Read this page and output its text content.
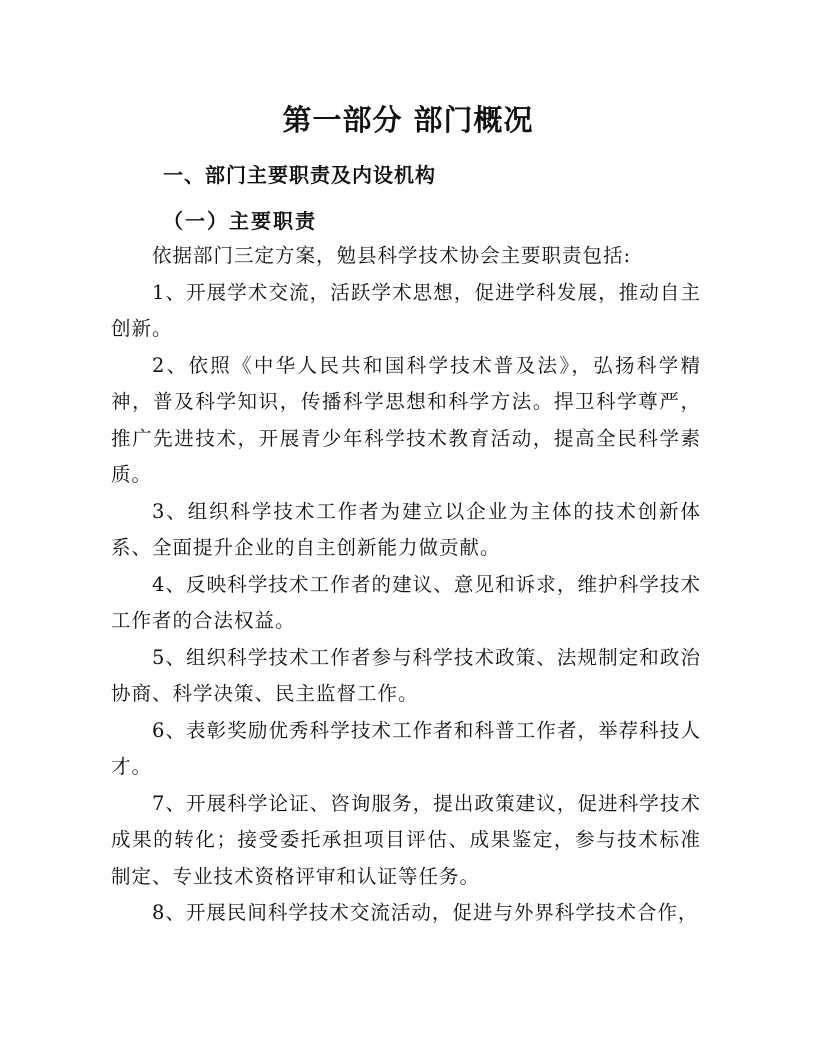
第一部分 部门概况
一、部门主要职责及内设机构
（一）主要职责

依据部门三定方案，勉县科学技术协会主要职责包括:

1、开展学术交流，活跃学术思想，促进学科发展，推动自主创新。

2、依照《中华人民共和国科学技术普及法》，弘扬科学精神，普及科学知识，传播科学思想和科学方法。捍卫科学尊严，推广先进技术，开展青少年科学技术教育活动，提高全民科学素质。

3、组织科学技术工作者为建立以企业为主体的技术创新体系、全面提升企业的自主创新能力做贡献。

4、反映科学技术工作者的建议、意见和诉求，维护科学技术工作者的合法权益。

5、组织科学技术工作者参与科学技术政策、法规制定和政治协商、科学决策、民主监督工作。

6、表彰奖励优秀科学技术工作者和科普工作者，举荐科技人才。

7、开展科学论证、咨询服务，提出政策建议，促进科学技术成果的转化；接受委托承担项目评估、成果鉴定，参与技术标准制定、专业技术资格评审和认证等任务。

8、开展民间科学技术交流活动，促进与外界科学技术合作，
